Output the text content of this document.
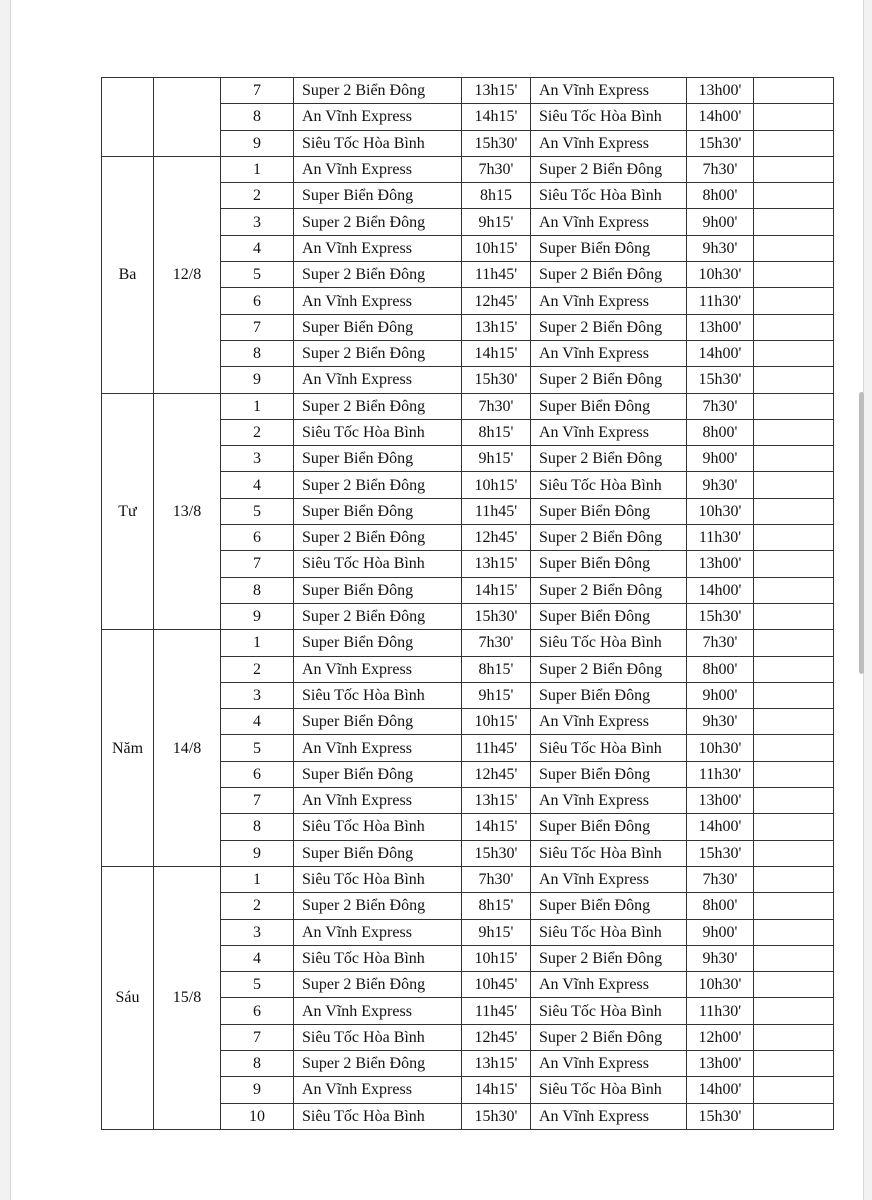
		7	Super 2 Biển Đông	13h15'	An Vĩnh Express	13h00'	
		8	An Vĩnh Express	14h15'	Siêu Tốc Hòa Bình	14h00'	
		9	Siêu Tốc Hòa Bình	15h30'	An Vĩnh Express	15h30'	
Ba	12/8	1	An Vĩnh Express	7h30'	Super 2 Biển Đông	7h30'	
		2	Super Biển Đông	8h15	Siêu Tốc Hòa Bình	8h00'	
		3	Super 2 Biển Đông	9h15'	An Vĩnh Express	9h00'	
		4	An Vĩnh Express	10h15'	Super Biển Đông	9h30'	
		5	Super 2 Biển Đông	11h45'	Super 2 Biển Đông	10h30'	
		6	An Vĩnh Express	12h45'	An Vĩnh Express	11h30'	
		7	Super Biển Đông	13h15'	Super 2 Biển Đông	13h00'	
		8	Super 2 Biển Đông	14h15'	An Vĩnh Express	14h00'	
		9	An Vĩnh Express	15h30'	Super 2 Biển Đông	15h30'	
Tư	13/8	1	Super 2 Biển Đông	7h30'	Super Biển Đông	7h30'	
		2	Siêu Tốc Hòa Bình	8h15'	An Vĩnh Express	8h00'	
		3	Super Biển Đông	9h15'	Super 2 Biển Đông	9h00'	
		4	Super 2 Biển Đông	10h15'	Siêu Tốc Hòa Bình	9h30'	
		5	Super Biển Đông	11h45'	Super Biển Đông	10h30'	
		6	Super 2 Biển Đông	12h45'	Super 2 Biển Đông	11h30'	
		7	Siêu Tốc Hòa Bình	13h15'	Super Biển Đông	13h00'	
		8	Super Biển Đông	14h15'	Super 2 Biển Đông	14h00'	
		9	Super 2 Biển Đông	15h30'	Super Biển Đông	15h30'	
Năm	14/8	1	Super Biển Đông	7h30'	Siêu Tốc Hòa Bình	7h30'	
		2	An Vĩnh Express	8h15'	Super 2 Biển Đông	8h00'	
		3	Siêu Tốc Hòa Bình	9h15'	Super Biển Đông	9h00'	
		4	Super Biển Đông	10h15'	An Vĩnh Express	9h30'	
		5	An Vĩnh Express	11h45'	Siêu Tốc Hòa Bình	10h30'	
		6	Super Biển Đông	12h45'	Super Biển Đông	11h30'	
		7	An Vĩnh Express	13h15'	An Vĩnh Express	13h00'	
		8	Siêu Tốc Hòa Bình	14h15'	Super Biển Đông	14h00'	
		9	Super Biển Đông	15h30'	Siêu Tốc Hòa Bình	15h30'	
Sáu	15/8	1	Siêu Tốc Hòa Bình	7h30'	An Vĩnh Express	7h30'	
		2	Super 2 Biển Đông	8h15'	Super Biển Đông	8h00'	
		3	An Vĩnh Express	9h15'	Siêu Tốc Hòa Bình	9h00'	
		4	Siêu Tốc Hòa Bình	10h15'	Super 2 Biển Đông	9h30'	
		5	Super 2 Biển Đông	10h45'	An Vĩnh Express	10h30'	
		6	An Vĩnh Express	11h45'	Siêu Tốc Hòa Bình	11h30'	
		7	Siêu Tốc Hòa Bình	12h45'	Super 2 Biển Đông	12h00'	
		8	Super 2 Biển Đông	13h15'	An Vĩnh Express	13h00'	
		9	An Vĩnh Express	14h15'	Siêu Tốc Hòa Bình	14h00'	
		10	Siêu Tốc Hòa Bình	15h30'	An Vĩnh Express	15h30'	
